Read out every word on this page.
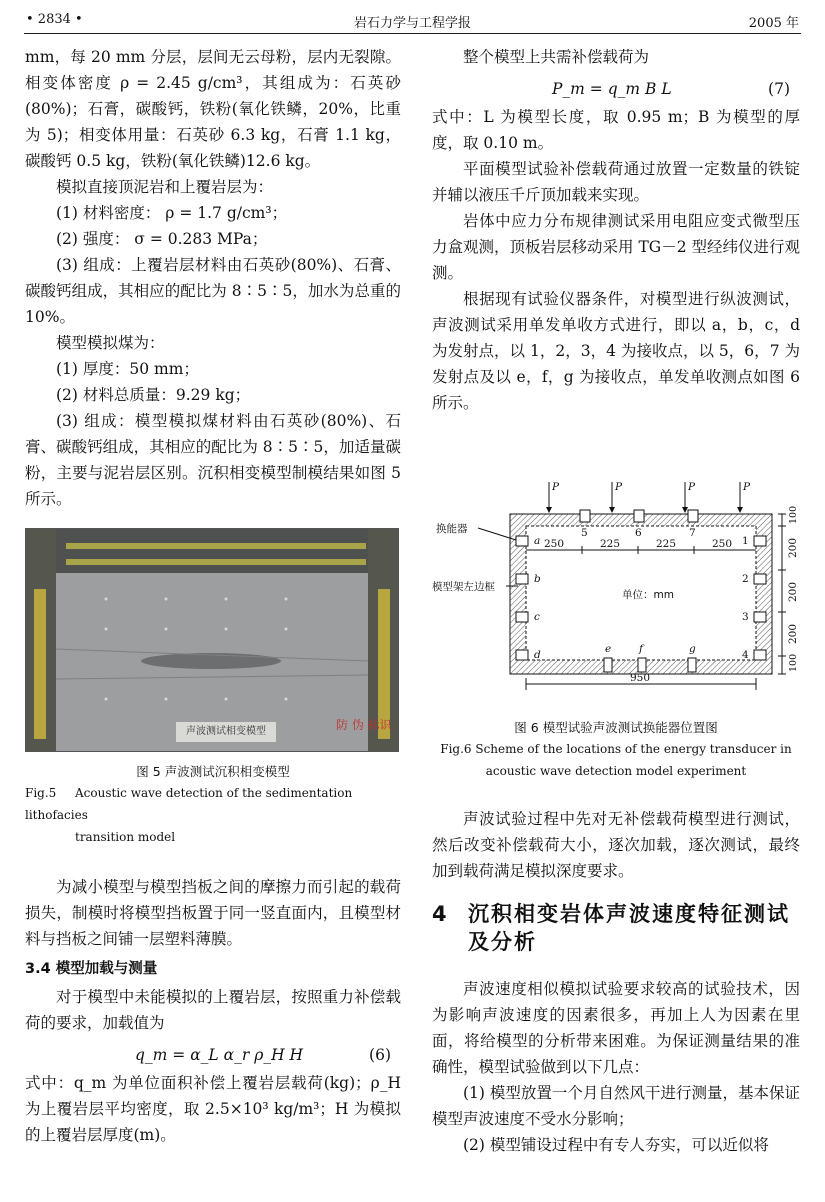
• 2834 •	岩石力学与工程学报	2005 年

mm，每 20 mm 分层，层间无云母粉，层内无裂隙。相变体密度 ρ = 2.45 g/cm³，其组成为：石英砂(80%)；石膏，碳酸钙，铁粉(氧化铁鳞，20%，比重为 5)；相变体用量：石英砂 6.3 kg，石膏 1.1 kg，碳酸钙 0.5 kg，铁粉(氧化铁鳞)12.6 kg。

模拟直接顶泥岩和上覆岩层为：

(1) 材料密度： ρ = 1.7 g/cm³；

(2) 强度： σ = 0.283 MPa；

(3) 组成：上覆岩层材料由石英砂(80%)、石膏、碳酸钙组成，其相应的配比为 8∶5∶5，加水为总重的 10%。

模型模拟煤为：

(1) 厚度：50 mm；

(2) 材料总质量：9.29 kg；

(3) 组成：模型模拟煤材料由石英砂(80%)、石膏、碳酸钙组成，其相应的配比为 8∶5∶5，加适量碳粉，主要与泥岩层区别。沉积相变模型制模结果如图 5 所示。

声波测试相变模型	防 伪 标识
图 5 声波测试沉积相变模型
Fig.5 Acoustic wave detection of the sedimentation lithofacies
transition model

为减小模型与模型挡板之间的摩擦力而引起的载荷损失，制模时将模型挡板置于同一竖直面内，且模型材料与挡板之间铺一层塑料薄膜。

3.4 模型加载与测量

对于模型中未能模拟的上覆岩层，按照重力补偿载荷的要求，加载值为

q_m = α_L α_r ρ_H H	(6)

式中：q_m 为单位面积补偿上覆岩层载荷(kg)；ρ_H 为上覆岩层平均密度，取 2.5×10³ kg/m³；H 为模拟的上覆岩层厚度(m)。

整个模型上共需补偿载荷为

P_m = q_m B L	(7)

式中：L 为模型长度，取 0.95 m；B 为模型的厚度，取 0.10 m。

平面模型试验补偿载荷通过放置一定数量的铁锭并辅以液压千斤顶加载来实现。

岩体中应力分布规律测试采用电阻应变式微型压力盒观测，顶板岩层移动采用 TG－2 型经纬仪进行观测。

根据现有试验仪器条件，对模型进行纵波测试，声波测试采用单发单收方式进行，即以 a，b，c，d 为发射点，以 1，2，3，4 为接收点，以 5，6，7 为发射点及以 e，f，g 为接收点，单发单收测点如图 6 所示。

P	P	P	P
5	6	7
a
b
c
d
1
2
3
4
e	f	g
单位：mm
换能器
模型架左边框
250	225	225	250
100
200
200
200
100
950
图 6 模型试验声波测试换能器位置图
Fig.6 Scheme of the locations of the energy transducer in
acoustic wave detection model experiment

声波试验过程中先对无补偿载荷模型进行测试，然后改变补偿载荷大小，逐次加载，逐次测试，最终加到载荷满足模拟深度要求。

4	沉积相变岩体声波速度特征测试及分析

声波速度相似模拟试验要求较高的试验技术，因为影响声波速度的因素很多，再加上人为因素在里面，将给模型的分析带来困难。为保证测量结果的准确性，模型试验做到以下几点：

(1) 模型放置一个月自然风干进行测量，基本保证模型声波速度不受水分影响；

(2) 模型铺设过程中有专人夯实，可以近似将
